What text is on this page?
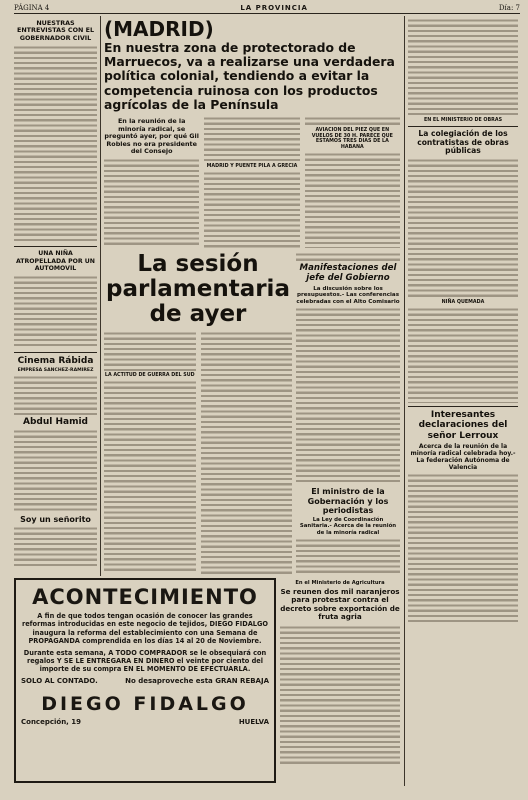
PÁGINA 4	LA PROVINCIA	Día: 7
NUESTRAS ENTREVISTAS CON EL GOBERNADOR CIVIL
UNA NIÑA ATROPELLADA POR UN AUTOMOVIL
Cinema Rábida
EMPRESA SANCHEZ-RAMIREZ
Abdul Hamid
Soy un señorito
(MADRID)
En nuestra zona de protectorado de Marruecos, va a realizarse una verdadera política colonial, tendiendo a evitar la competencia ruinosa con los productos agrícolas de la Península
En la reunión de la minoría radical, se preguntó ayer, por qué Gil Robles no era presidente del Consejo
MADRID Y PUENTE PILA A GRECIA
AVIACION DEL PIEZ QUE EN VUELOS DE 30 H. PARECE QUE ESTAMOS TRES DIAS DE LA HABANA
La sesión parlamentaria de ayer
LA ACTITUD DE GUERRA DEL SUD
En el Ministerio de Agricultura
Se reunen dos mil naranjeros para protestar contra el decreto sobre exportación de fruta agria
EN EL MINISTERIO DE OBRAS
La colegiación de los contratistas de obras públicas
NIÑA QUEMADA
Interesantes declaraciones del señor Lerroux
Acerca de la reunión de la minoría radical celebrada hoy.- La federación Autónoma de Valencia
ACONTECIMIENTO

A fin de que todos tengan ocasión de conocer las grandes reformas introducidas en este negocio de tejidos, DIEGO FIDALGO inaugura la reforma del establecimiento con una Semana de PROPAGANDA comprendida en los días 14 al 20 de Noviembre.

Durante esta semana, A TODO COMPRADOR se le obsequiará con regalos Y SE LE ENTREGARA EN DINERO el veinte por ciento del importe de su compra EN EL MOMENTO DE EFECTUARLA.

SOLO AL CONTADO.	No desaproveche esta GRAN REBAJA
DIEGO FIDALGO
Concepción, 19	HUELVA
Manifestaciones del jefe del Gobierno
La discusión sobre los presupuestos.- Las conferencias celebradas con el Alto Comisario
El ministro de la Gobernación y los periodistas
La Ley de Coordinación Sanitaria.- Acerca de la reunión de la minoría radical
